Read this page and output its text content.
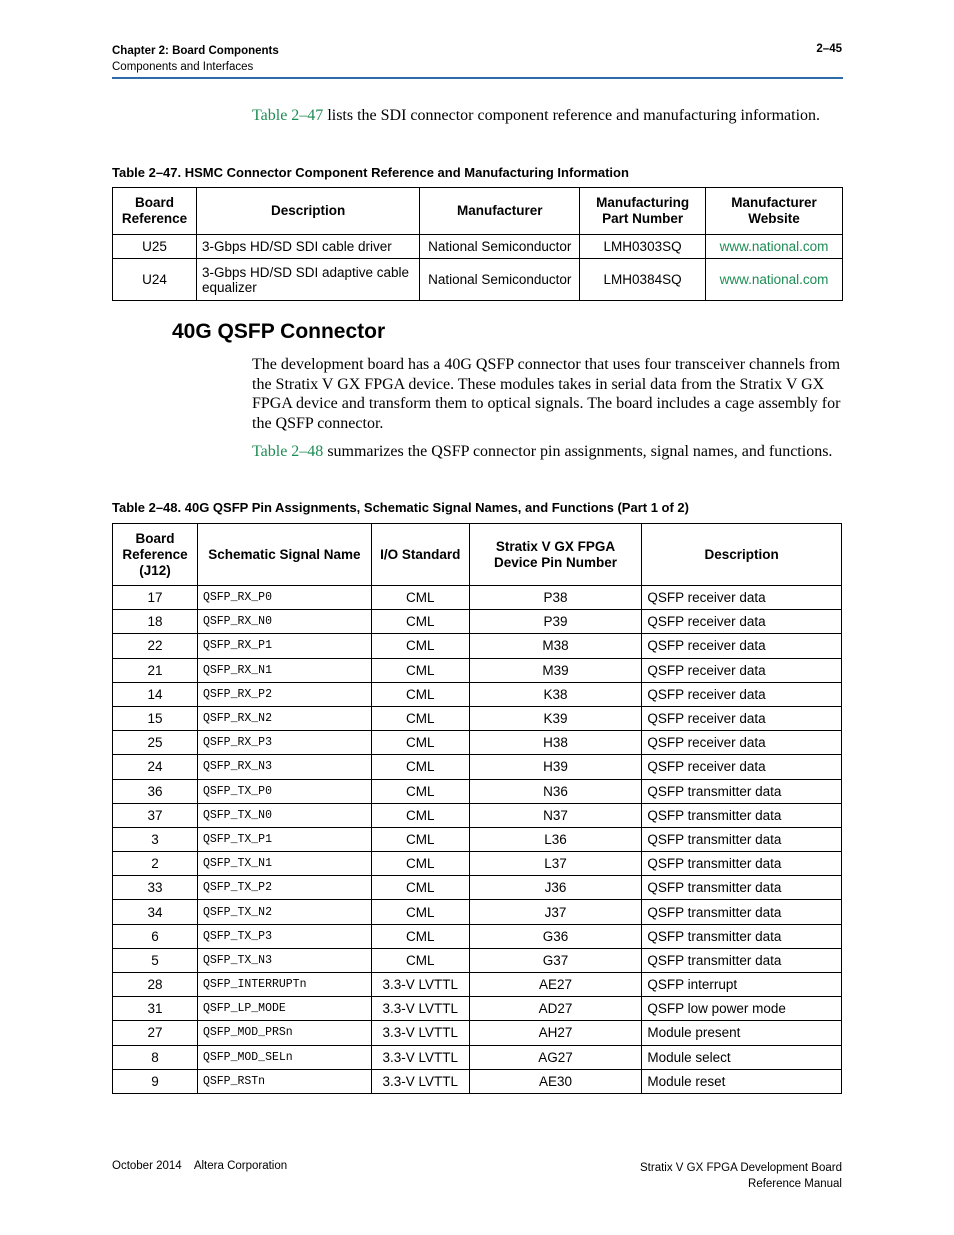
Chapter 2: Board Components
Components and Interfaces
2–45
Table 2–47 lists the SDI connector component reference and manufacturing information.
Table 2–47. HSMC Connector Component Reference and Manufacturing Information
Board Reference	Description	Manufacturer	Manufacturing Part Number	Manufacturer Website
U25	3-Gbps HD/SD SDI cable driver	National Semiconductor	LMH0303SQ	www.national.com
U24	3-Gbps HD/SD SDI adaptive cable equalizer	National Semiconductor	LMH0384SQ	www.national.com
40G QSFP Connector
The development board has a 40G QSFP connector that uses four transceiver channels from the Stratix V GX FPGA device. These modules takes in serial data from the Stratix V GX FPGA device and transform them to optical signals. The board includes a cage assembly for the QSFP connector.
Table 2–48 summarizes the QSFP connector pin assignments, signal names, and functions.
Table 2–48. 40G QSFP Pin Assignments, Schematic Signal Names, and Functions (Part 1 of 2)
Board Reference (J12)	Schematic Signal Name	I/O Standard	Stratix V GX FPGA Device Pin Number	Description
17	QSFP_RX_P0	CML	P38	QSFP receiver data
18	QSFP_RX_N0	CML	P39	QSFP receiver data
22	QSFP_RX_P1	CML	M38	QSFP receiver data
21	QSFP_RX_N1	CML	M39	QSFP receiver data
14	QSFP_RX_P2	CML	K38	QSFP receiver data
15	QSFP_RX_N2	CML	K39	QSFP receiver data
25	QSFP_RX_P3	CML	H38	QSFP receiver data
24	QSFP_RX_N3	CML	H39	QSFP receiver data
36	QSFP_TX_P0	CML	N36	QSFP transmitter data
37	QSFP_TX_N0	CML	N37	QSFP transmitter data
3	QSFP_TX_P1	CML	L36	QSFP transmitter data
2	QSFP_TX_N1	CML	L37	QSFP transmitter data
33	QSFP_TX_P2	CML	J36	QSFP transmitter data
34	QSFP_TX_N2	CML	J37	QSFP transmitter data
6	QSFP_TX_P3	CML	G36	QSFP transmitter data
5	QSFP_TX_N3	CML	G37	QSFP transmitter data
28	QSFP_INTERRUPTn	3.3-V LVTTL	AE27	QSFP interrupt
31	QSFP_LP_MODE	3.3-V LVTTL	AD27	QSFP low power mode
27	QSFP_MOD_PRSn	3.3-V LVTTL	AH27	Module present
8	QSFP_MOD_SELn	3.3-V LVTTL	AG27	Module select
9	QSFP_RSTn	3.3-V LVTTL	AE30	Module reset
October 2014    Altera Corporation	Stratix V GX FPGA Development Board
Reference Manual
